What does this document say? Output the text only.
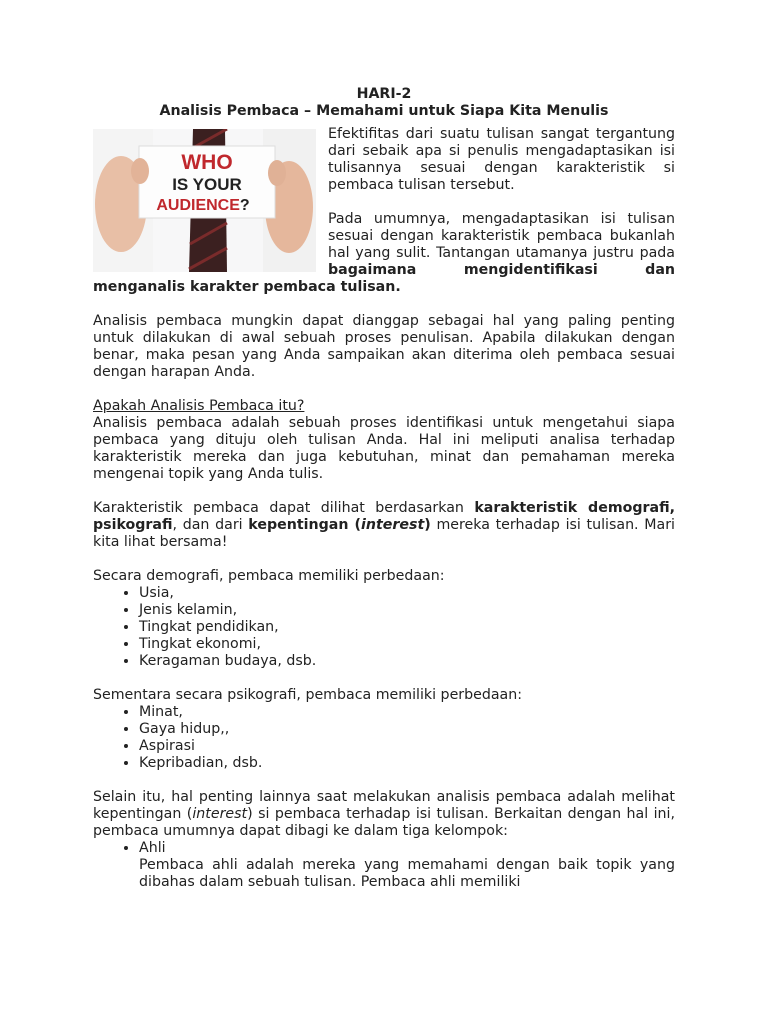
HARI-2

Analisis Pembaca – Memahami untuk Siapa Kita Menulis

WHO
IS YOUR
AUDIENCE?

Efektifitas dari suatu tulisan sangat tergantung dari sebaik apa si penulis mengadaptasikan isi tulisannya sesuai dengan karakteristik si pembaca tulisan tersebut.

Pada umumnya, mengadaptasikan isi tulisan sesuai dengan karakteristik pembaca bukanlah hal yang sulit. Tantangan utamanya justru pada bagaimana mengidentifikasi dan menganalis karakter pembaca tulisan.

Analisis pembaca mungkin dapat dianggap sebagai hal yang paling penting untuk dilakukan di awal sebuah proses penulisan. Apabila dilakukan dengan benar, maka pesan yang Anda sampaikan akan diterima oleh pembaca sesuai dengan harapan Anda.

Apakah Analisis Pembaca itu?

Analisis pembaca adalah sebuah proses identifikasi untuk mengetahui siapa pembaca yang dituju oleh tulisan Anda. Hal ini meliputi analisa terhadap karakteristik mereka dan juga kebutuhan, minat dan pemahaman mereka mengenai topik yang Anda tulis.

Karakteristik pembaca dapat dilihat berdasarkan karakteristik demografi, psikografi, dan dari kepentingan (interest) mereka terhadap isi tulisan. Mari kita lihat bersama!

Secara demografi, pembaca memiliki perbedaan:

• Usia,
• Jenis kelamin,
• Tingkat pendidikan,
• Tingkat ekonomi,
• Keragaman budaya, dsb.

Sementara secara psikografi, pembaca memiliki perbedaan:

• Minat,
• Gaya hidup,,
• Aspirasi
• Kepribadian, dsb.

Selain itu, hal penting lainnya saat melakukan analisis pembaca adalah melihat kepentingan (interest) si pembaca terhadap isi tulisan. Berkaitan dengan hal ini, pembaca umumnya dapat dibagi ke dalam tiga kelompok:

• Ahli

Pembaca ahli adalah mereka yang memahami dengan baik topik yang dibahas dalam sebuah tulisan. Pembaca ahli memiliki
